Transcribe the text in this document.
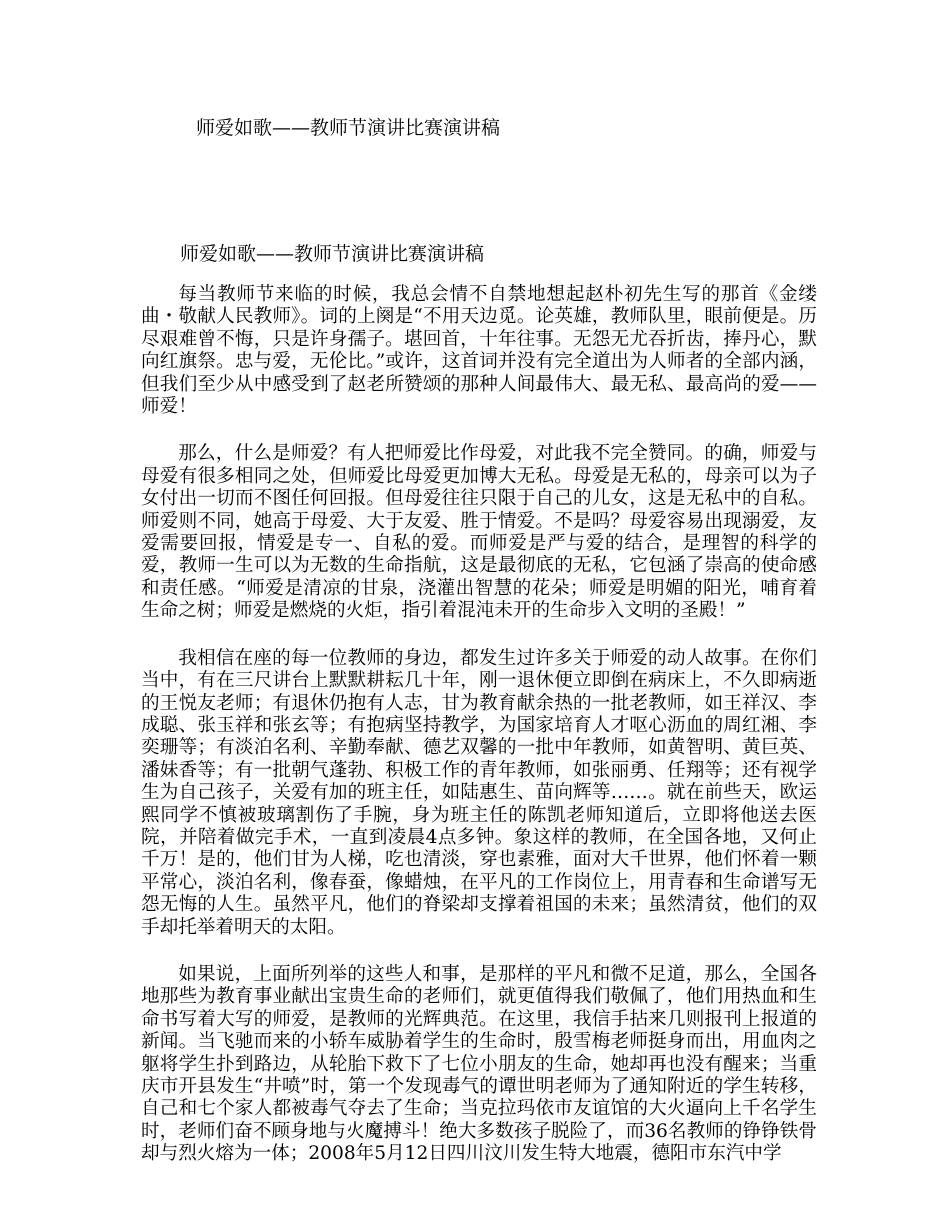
师爱如歌——教师节演讲比赛演讲稿
师爱如歌——教师节演讲比赛演讲稿

每当教师节来临的时候，我总会情不自禁地想起赵朴初先生写的那首《金缕曲・敬献人民教师》。词的上阕是“不用天边觅。论英雄，教师队里，眼前便是。历尽艰难曾不悔，只是许身孺子。堪回首，十年往事。无怨无尤吞折齿，捧丹心，默向红旗祭。忠与爱，无伦比。”或许，这首词并没有完全道出为人师者的全部内涵，但我们至少从中感受到了赵老所赞颂的那种人间最伟大、最无私、最高尚的爱——师爱！

那么，什么是师爱？有人把师爱比作母爱，对此我不完全赞同。的确，师爱与母爱有很多相同之处，但师爱比母爱更加博大无私。母爱是无私的，母亲可以为子女付出一切而不图任何回报。但母爱往往只限于自己的儿女，这是无私中的自私。师爱则不同，她高于母爱、大于友爱、胜于情爱。不是吗？母爱容易出现溺爱，友爱需要回报，情爱是专一、自私的爱。而师爱是严与爱的结合，是理智的科学的爱，教师一生可以为无数的生命指航，这是最彻底的无私，它包涵了崇高的使命感和责任感。“师爱是清凉的甘泉，浇灌出智慧的花朵；师爱是明媚的阳光，哺育着生命之树；师爱是燃烧的火炬，指引着混沌未开的生命步入文明的圣殿！”

我相信在座的每一位教师的身边，都发生过许多关于师爱的动人故事。在你们当中，有在三尺讲台上默默耕耘几十年，刚一退休便立即倒在病床上，不久即病逝的王悦友老师；有退休仍抱有人志，甘为教育献余热的一批老教师，如王祥汉、李成聪、张玉祥和张玄等；有抱病坚持教学，为国家培育人才呕心沥血的周红湘、李奕珊等；有淡泊名利、辛勤奉献、德艺双馨的一批中年教师，如黄智明、黄巨英、潘妹香等；有一批朝气蓬勃、积极工作的青年教师，如张丽勇、任翔等；还有视学生为自己孩子，关爱有加的班主任，如陆惠生、苗向辉等……。就在前些天，欧运熙同学不慎被玻璃割伤了手腕，身为班主任的陈凯老师知道后，立即将他送去医院，并陪着做完手术，一直到凌晨4点多钟。象这样的教师，在全国各地，又何止千万！是的，他们甘为人梯，吃也清淡，穿也素雅，面对大千世界，他们怀着一颗平常心，淡泊名利，像春蚕，像蜡烛，在平凡的工作岗位上，用青春和生命谱写无怨无悔的人生。虽然平凡，他们的脊梁却支撑着祖国的未来；虽然清贫，他们的双手却托举着明天的太阳。

如果说，上面所列举的这些人和事，是那样的平凡和微不足道，那么，全国各地那些为教育事业献出宝贵生命的老师们，就更值得我们敬佩了，他们用热血和生命书写着大写的师爱，是教师的光辉典范。在这里，我信手拈来几则报刊上报道的新闻。当飞驰而来的小轿车威胁着学生的生命时，殷雪梅老师挺身而出，用血肉之躯将学生扑到路边，从轮胎下救下了七位小朋友的生命，她却再也没有醒来；当重庆市开县发生“井喷”时，第一个发现毒气的谭世明老师为了通知附近的学生转移，自己和七个家人都被毒气夺去了生命；当克拉玛依市友谊馆的大火逼向上千名学生时，老师们奋不顾身地与火魔搏斗！绝大多数孩子脱险了，而36名教师的铮铮铁骨却与烈火熔为一体；2008年5月12日四川汶川发生特大地震，德阳市东汽中学
